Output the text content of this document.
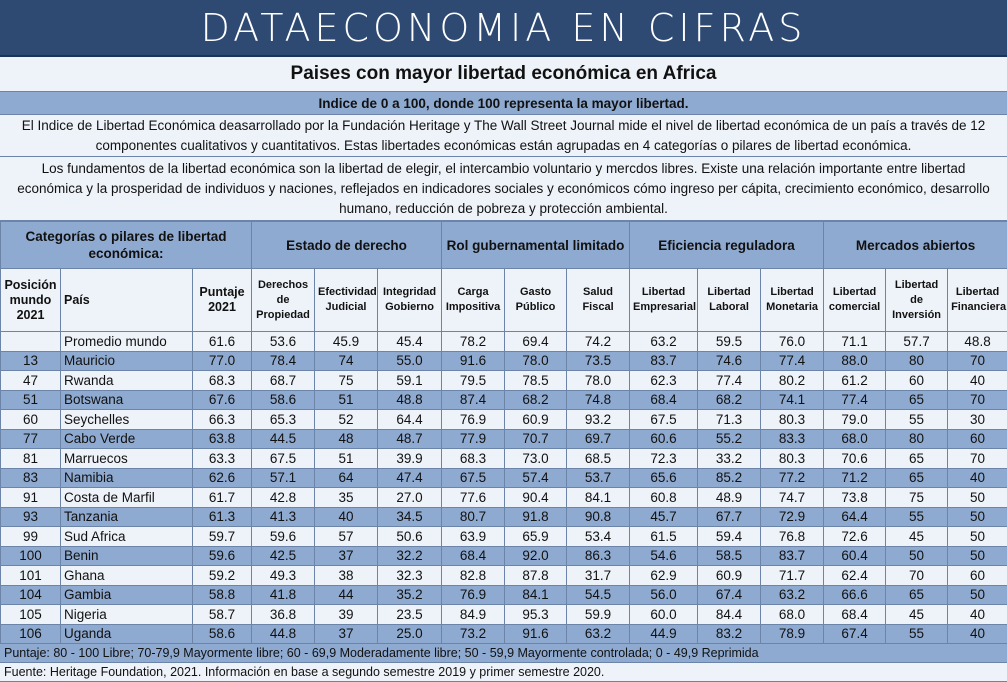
DATAECONOMIA EN CIFRAS
Paises con mayor libertad económica en Africa
Indice de 0 a 100, donde 100 representa la mayor libertad.
El Indice de Libertad Económica deasarrollado por la Fundación Heritage y The Wall Street Journal mide el nivel de libertad económica de un país a través de 12 componentes cualitativos y cuantitativos. Estas libertades económicas están agrupadas en 4 categorías o pilares de libertad económica.
Los fundamentos de la libertad económica son la libertad de elegir, el intercambio voluntario y mercdos libres. Existe una relación importante entre libertad económica y la prosperidad de individuos y naciones, reflejados en indicadores sociales y económicos cómo ingreso per cápita, crecimiento económico, desarrollo humano, reducción de pobreza y protección ambiental.
Categorías o pilares de libertad económica:			Estado de derecho			Rol gubernamental limitado			Eficiencia reguladora			Mercados abiertos		
Posición mundo 2021	País	Puntaje 2021	Derechos de Propiedad	Efectividad Judicial	Integridad Gobierno	Carga Impositiva	Gasto Público	Salud Fiscal	Libertad Empresarial	Libertad Laboral	Libertad Monetaria	Libertad comercial	Libertad de Inversión	Libertad Financiera
	Promedio mundo	61.6	53.6	45.9	45.4	78.2	69.4	74.2	63.2	59.5	76.0	71.1	57.7	48.8
13	Mauricio	77.0	78.4	74	55.0	91.6	78.0	73.5	83.7	74.6	77.4	88.0	80	70
47	Rwanda	68.3	68.7	75	59.1	79.5	78.5	78.0	62.3	77.4	80.2	61.2	60	40
51	Botswana	67.6	58.6	51	48.8	87.4	68.2	74.8	68.4	68.2	74.1	77.4	65	70
60	Seychelles	66.3	65.3	52	64.4	76.9	60.9	93.2	67.5	71.3	80.3	79.0	55	30
77	Cabo Verde	63.8	44.5	48	48.7	77.9	70.7	69.7	60.6	55.2	83.3	68.0	80	60
81	Marruecos	63.3	67.5	51	39.9	68.3	73.0	68.5	72.3	33.2	80.3	70.6	65	70
83	Namibia	62.6	57.1	64	47.4	67.5	57.4	53.7	65.6	85.2	77.2	71.2	65	40
91	Costa de Marfil	61.7	42.8	35	27.0	77.6	90.4	84.1	60.8	48.9	74.7	73.8	75	50
93	Tanzania	61.3	41.3	40	34.5	80.7	91.8	90.8	45.7	67.7	72.9	64.4	55	50
99	Sud Africa	59.7	59.6	57	50.6	63.9	65.9	53.4	61.5	59.4	76.8	72.6	45	50
100	Benin	59.6	42.5	37	32.2	68.4	92.0	86.3	54.6	58.5	83.7	60.4	50	50
101	Ghana	59.2	49.3	38	32.3	82.8	87.8	31.7	62.9	60.9	71.7	62.4	70	60
104	Gambia	58.8	41.8	44	35.2	76.9	84.1	54.5	56.0	67.4	63.2	66.6	65	50
105	Nigeria	58.7	36.8	39	23.5	84.9	95.3	59.9	60.0	84.4	68.0	68.4	45	40
106	Uganda	58.6	44.8	37	25.0	73.2	91.6	63.2	44.9	83.2	78.9	67.4	55	40
Puntaje: 80 - 100 Libre; 70-79,9 Mayormente libre; 60 - 69,9 Moderadamente libre; 50 - 59,9 Mayormente controlada; 0 - 49,9 Reprimida
Fuente: Heritage Foundation, 2021. Información en base a segundo semestre 2019 y primer semestre 2020.
